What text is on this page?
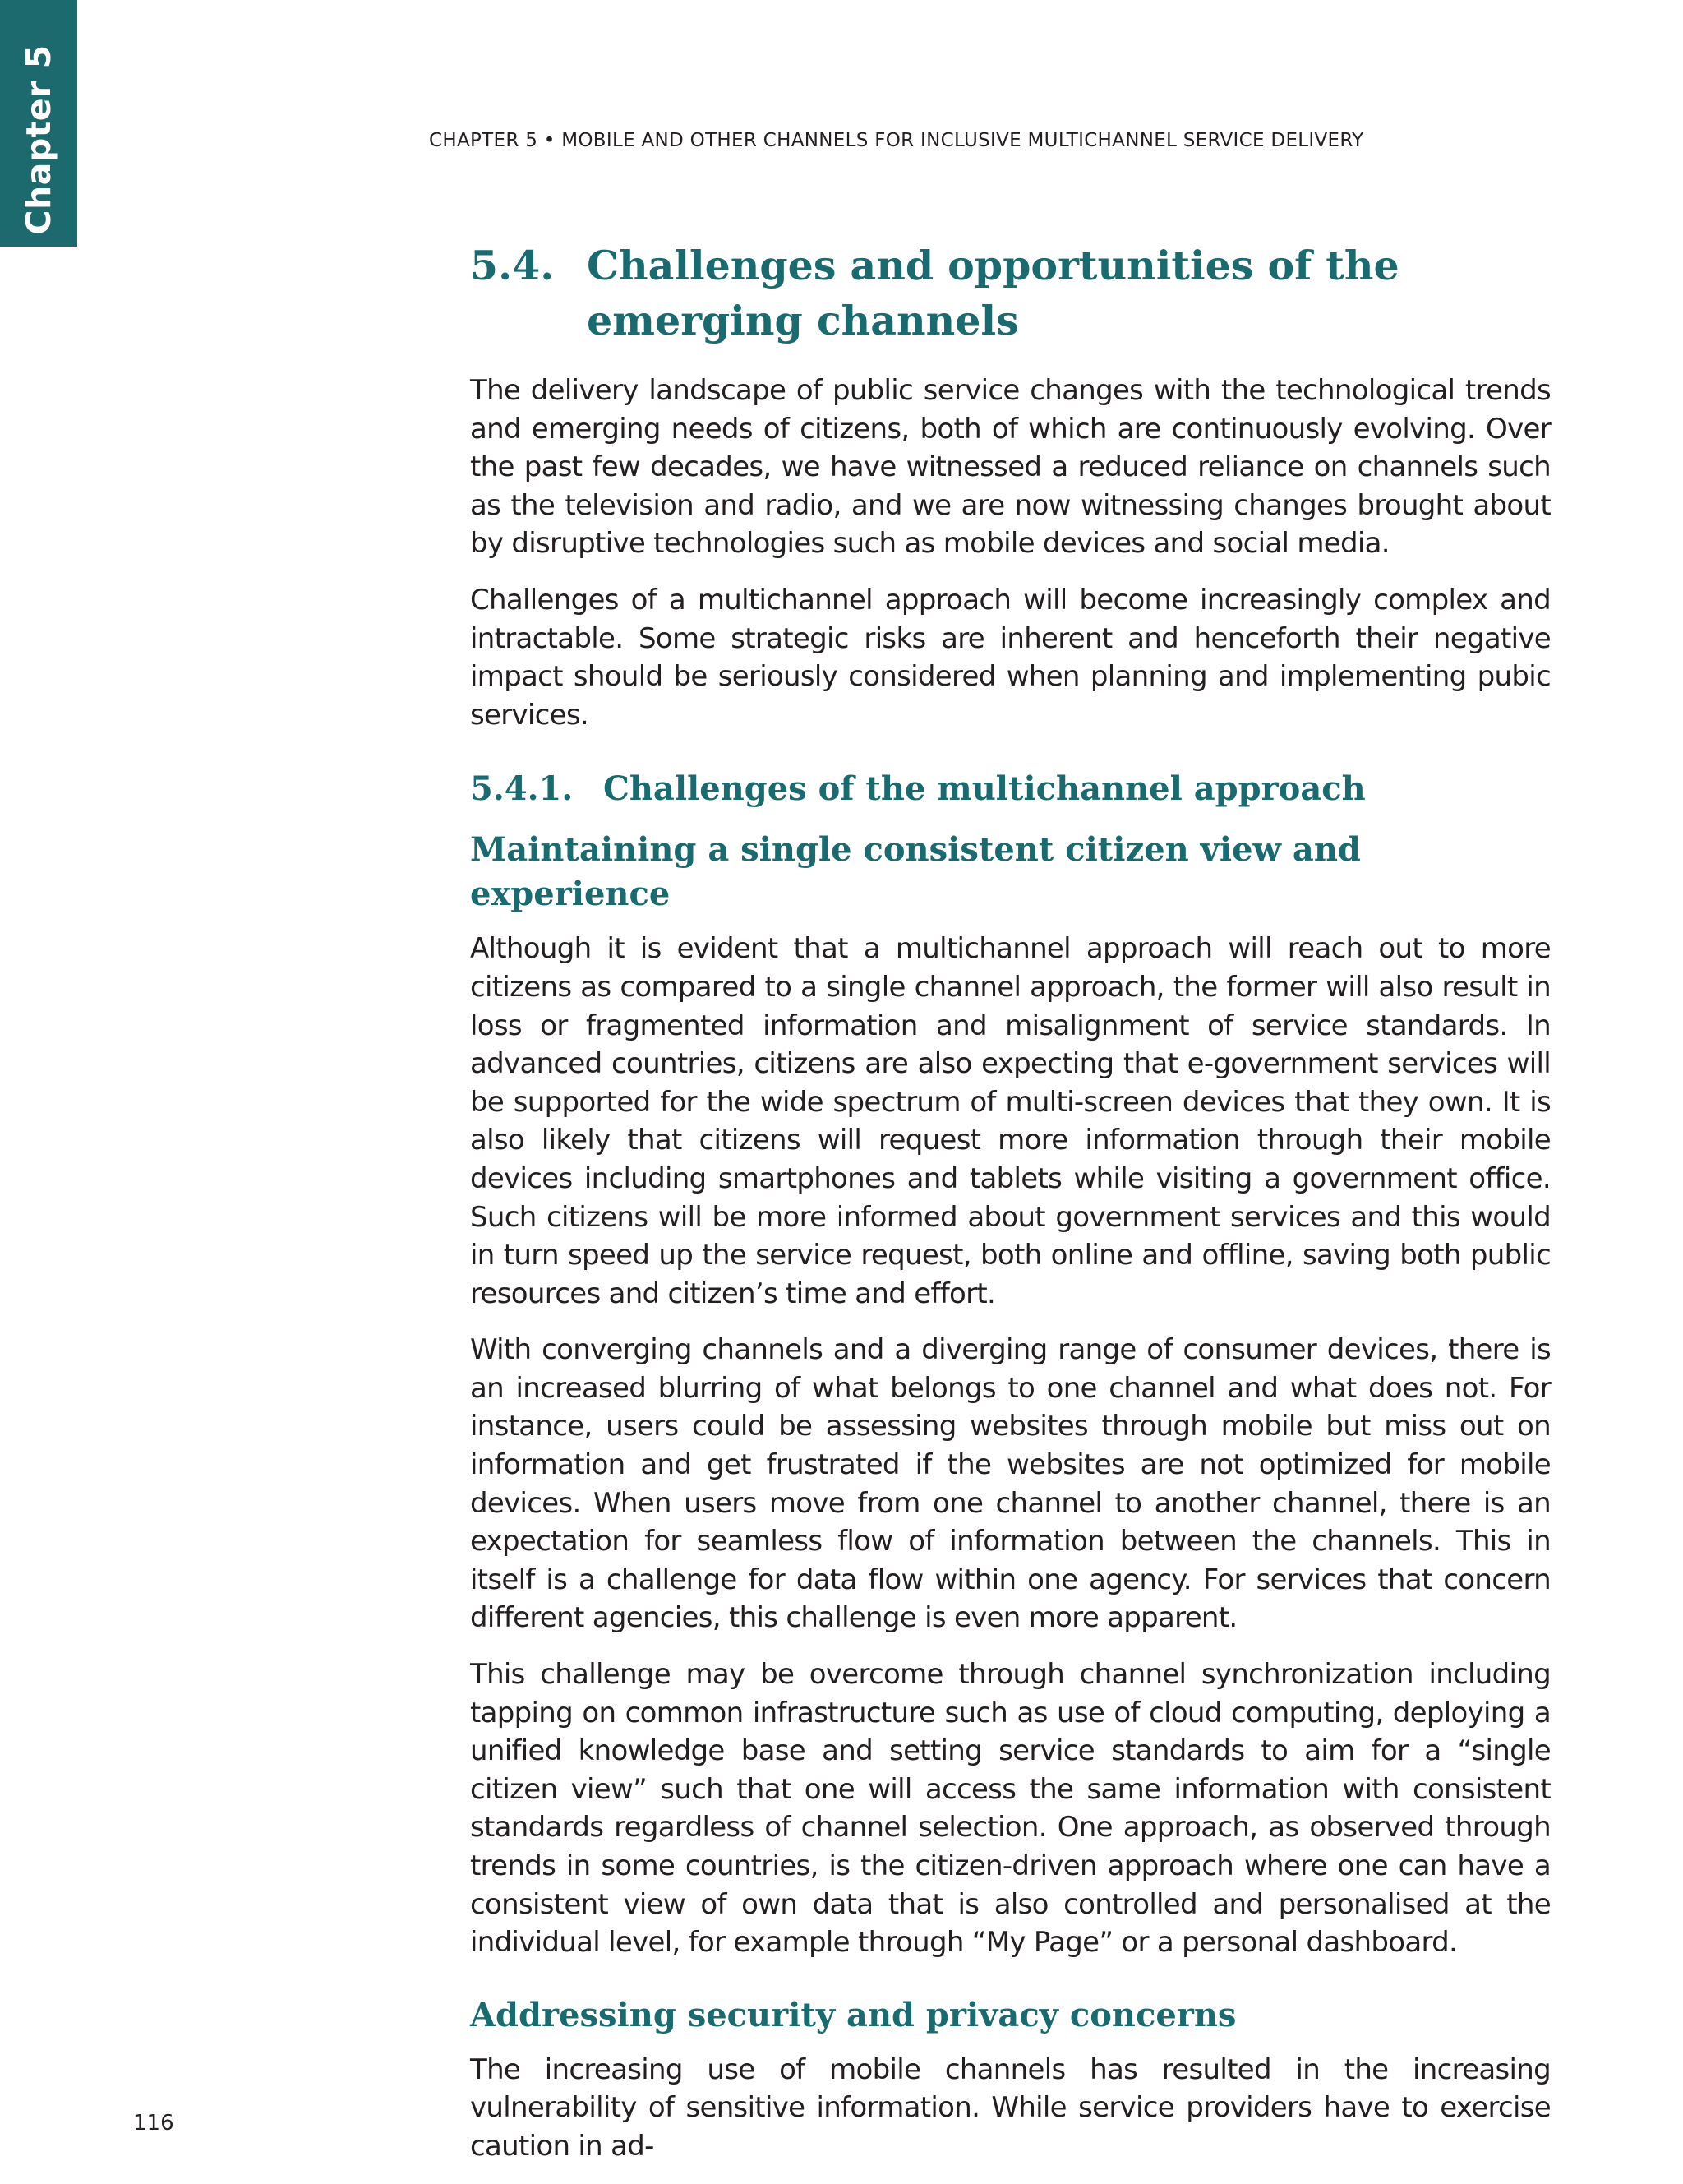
Chapter 5	CHAPTER 5 • MOBILE AND OTHER CHANNELS FOR INCLUSIVE MULTICHANNEL SERVICE DELIVERY
5.4. Challenges and opportunities of the emerging channels

The delivery landscape of public service changes with the technological trends and emerging needs of citizens, both of which are continuously evolving. Over the past few decades, we have witnessed a reduced reliance on channels such as the television and radio, and we are now witnessing changes brought about by disruptive technologies such as mobile devices and social media.

Challenges of a multichannel approach will become increasingly complex and intractable. Some strategic risks are inherent and henceforth their negative impact should be seriously considered when planning and implementing pubic services.

5.4.1. Challenges of the multichannel approach
Maintaining a single consistent citizen view and experience

Although it is evident that a multichannel approach will reach out to more citizens as compared to a single channel approach, the former will also result in loss or fragmented information and misalignment of service standards. In advanced countries, citizens are also expecting that e-government services will be supported for the wide spectrum of multi-screen devices that they own. It is also likely that citizens will request more information through their mobile devices including smartphones and tablets while visiting a government office. Such citizens will be more informed about government services and this would in turn speed up the service request, both online and offline, saving both public resources and citizen’s time and effort.

With converging channels and a diverging range of consumer devices, there is an increased blurring of what belongs to one channel and what does not. For instance, users could be assessing websites through mobile but miss out on information and get frustrated if the websites are not optimized for mobile devices. When users move from one channel to another channel, there is an expectation for seamless flow of information between the channels. This in itself is a challenge for data flow within one agency. For services that concern different agencies, this challenge is even more apparent.

This challenge may be overcome through channel synchronization including tapping on common infrastructure such as use of cloud computing, deploying a unified knowledge base and setting service standards to aim for a “single citizen view” such that one will access the same information with consistent standards regardless of channel selection. One approach, as observed through trends in some countries, is the citizen-driven approach where one can have a consistent view of own data that is also controlled and personalised at the individual level, for example through “My Page” or a personal dashboard.

Addressing security and privacy concerns

The increasing use of mobile channels has resulted in the increasing vulnerability of sensitive information. While service providers have to exercise caution in ad-

116
